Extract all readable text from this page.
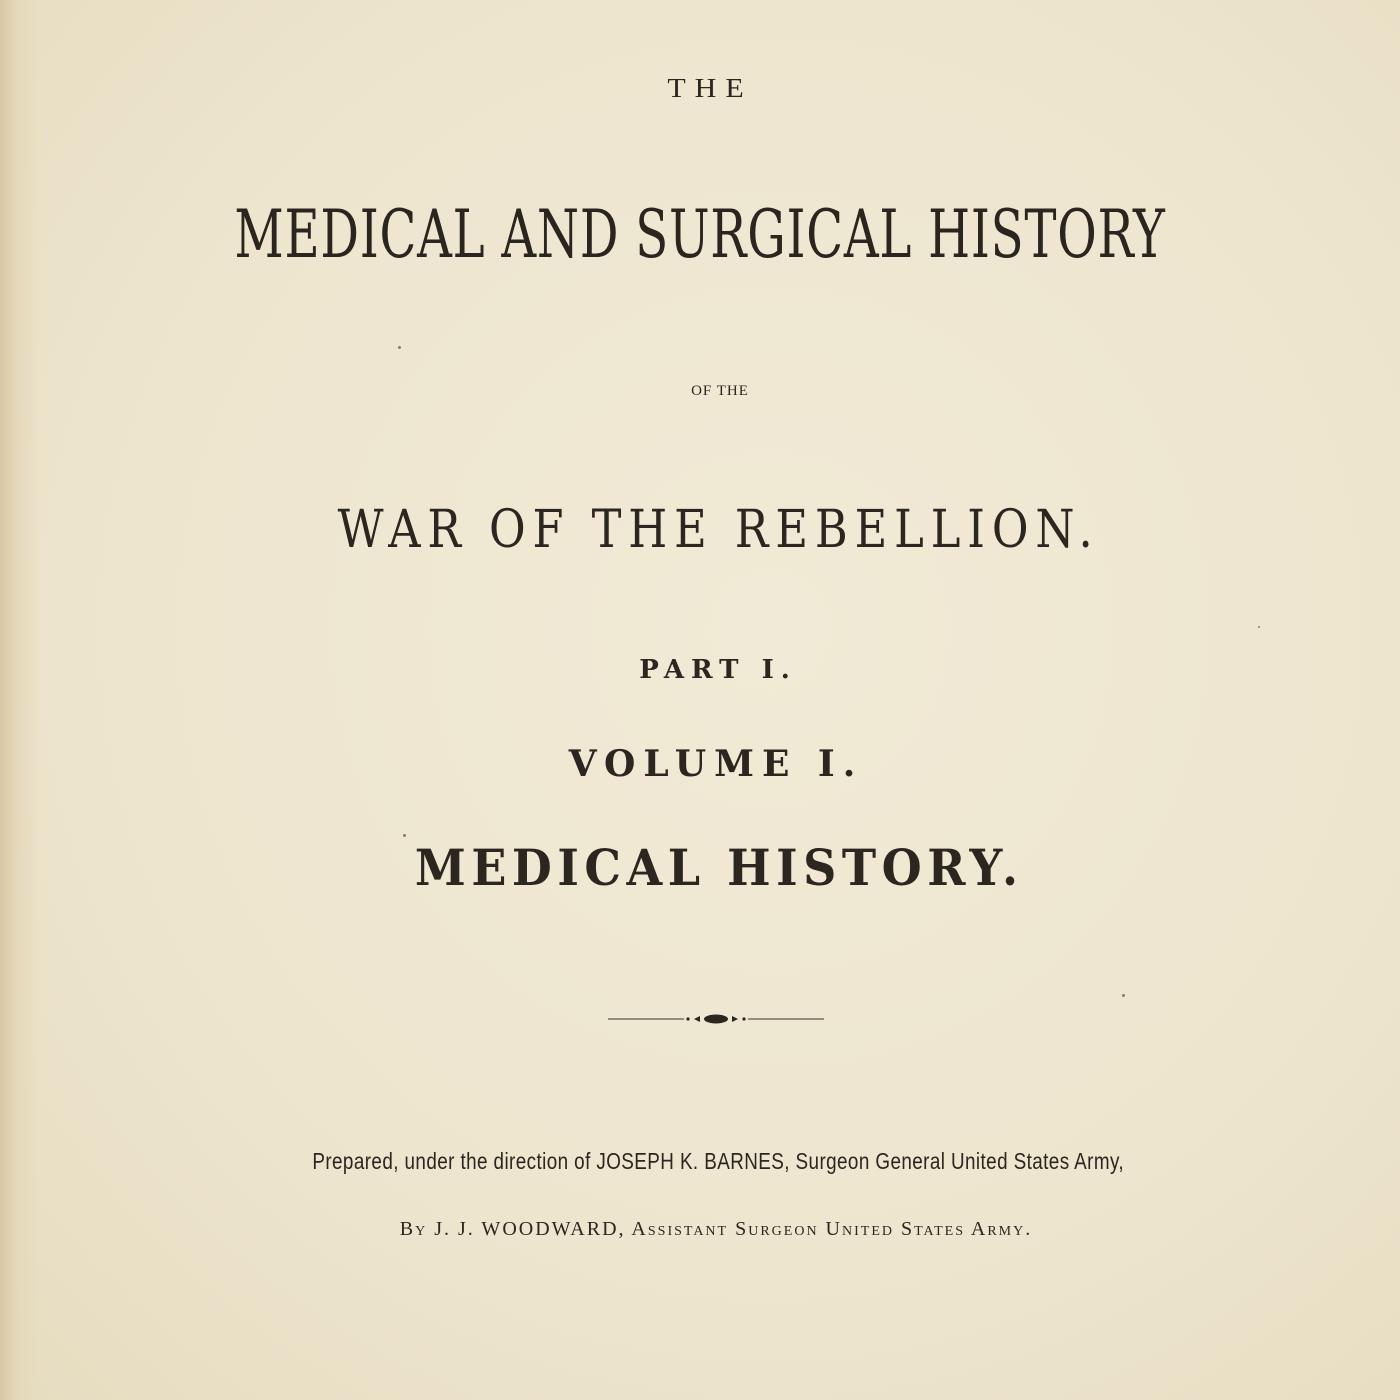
THE
MEDICAL AND SURGICAL HISTORY
OF THE
WAR OF THE REBELLION.
PART I.
VOLUME I.
MEDICAL HISTORY.
Prepared, under the direction of JOSEPH K. BARNES, Surgeon General United States Army,
By J. J. WOODWARD, Assistant Surgeon United States Army.
